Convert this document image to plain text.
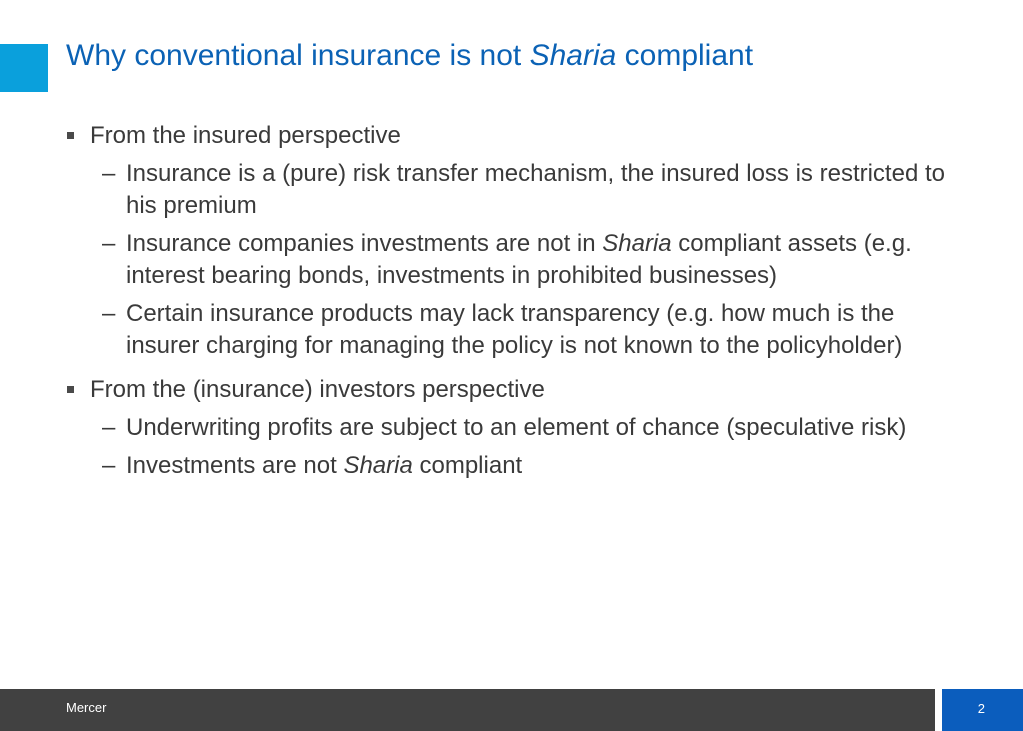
Why conventional insurance is not Sharia compliant

From the insured perspective

– Insurance is a (pure) risk transfer mechanism, the insured loss is restricted to his premium

– Insurance companies investments are not in Sharia compliant assets (e.g. interest bearing bonds, investments in prohibited businesses)

– Certain insurance products may lack transparency (e.g. how much is the insurer charging for managing the policy is not known to the policyholder)

From the (insurance) investors perspective

– Underwriting profits are subject to an element of chance (speculative risk)

– Investments are not Sharia compliant

Mercer	2
